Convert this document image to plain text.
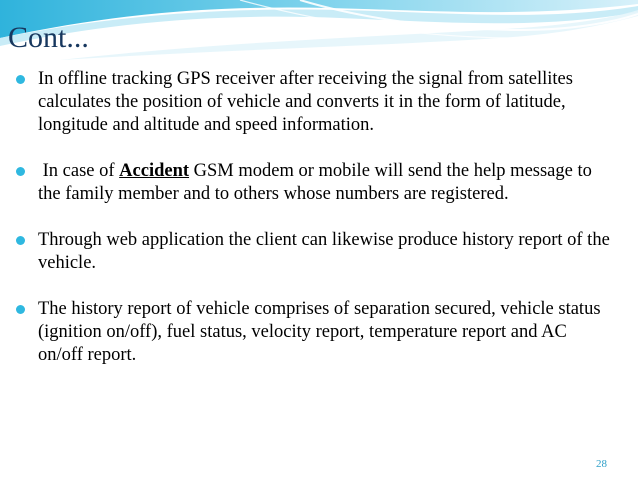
Cont...
In offline tracking GPS receiver after receiving the signal from satellites calculates the position of vehicle and converts it in the form of latitude, longitude and altitude and speed information.
In case of Accident GSM modem or mobile will send the help message to the family member and to others whose numbers are registered.
Through web application the client can likewise produce history report of the vehicle.
The history report of vehicle comprises of separation secured, vehicle status (ignition on/off), fuel status, velocity report, temperature report and AC on/off report.
28
